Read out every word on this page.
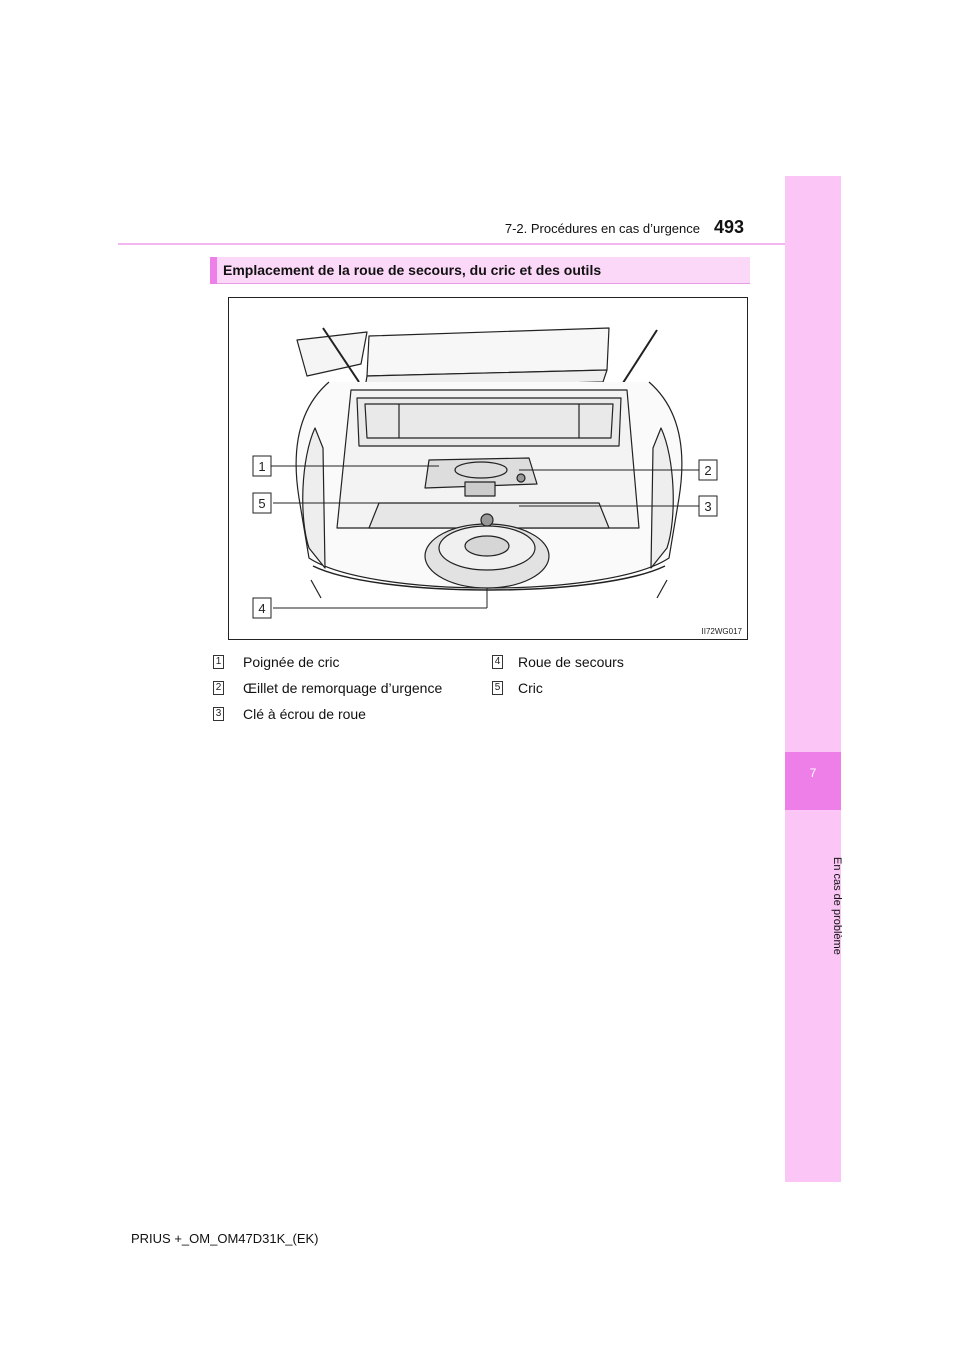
7-2. Procédures en cas d’urgence 493
7
En cas de problème
Emplacement de la roue de secours, du cric et des outils
1	2
3
4
5
II72WG017
1 Poignée de cric
2 Œillet de remorquage d’urgence
3 Clé à écrou de roue
4 Roue de secours
5 Cric
PRIUS +_OM_OM47D31K_(EK)
